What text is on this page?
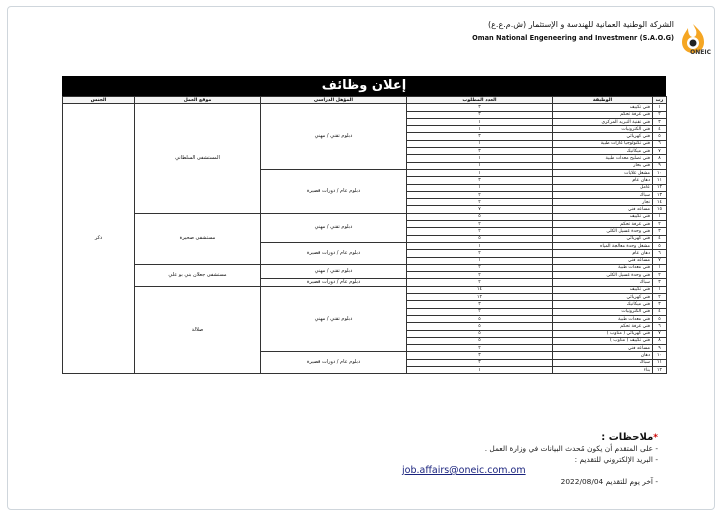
الشركة الوطنية العمانية للهندسة و الإستثمار (ش.م.ع.ع)
Oman National Engeneering and Investmenr (S.A.O.G)
ONEIC
إعلان وظائف
رت	الوظيفة	العدد المطلوب	المؤهل الدراسي	موقع العمل	الجنس
١	فني تكييف	٣	دبلوم تقني / مهني	المستشفى السلطاني	ذكر
٢	فني غرفة تحكم	٣			
٣	فني تقنية التبريد المركزي	١			
٤	فني الكترونيات	١			
٥	فني كهربائي	٣			
٦	فني تكنولوجيا غازات طبية	١			
٧	فني ميكانيك	٣			
٨	فني تصليح معدات طبية	١			
٩	فني بحار	١			
١٠	مشغل غلايات	١	دبلوم عام / دورات قصيرة		
١١	دهان عام	٣			
١٢	عامل	١			
١٣	سباك	٢			
١٤	نجار	٢			
١٥	مساعد فني	٧			
١	فني تكييف	٥	دبلوم تقني / مهني	مستشفى صحيرة	
٢	فني غرفة تحكم	٢			
٣	فني وحدة غسيل الكلى	٢			
٤	فني كهربائي	٥			
٥	مشغل وحدة معالجة المياه	١	دبلوم عام / دورات قصيرة		
٦	دهان عام	٢			
٧	مساعد فني	١			
١	فني معدات طبية	٢	دبلوم تقني / مهني	مستشفى جعلان بني بو علي	
٢	فني وحدة غسيل الكلى	٢			
٣	سباك	٢	دبلوم عام / دورات قصيرة		
١	فني تكييف	١٤	دبلوم تقني / مهني	صلالة	
٢	فني كهربائي	١٢			
٣	فني ميكانيك	٣			
٤	فني الكترونيات	٢			
٥	فني معدات طبية	٥			
٦	فني غرفة تحكم	٥			
٧	فني كهربائي ( مناوب )	٥			
٨	فني تكييف ( مناوب )	٥			
٩	مساعد فني	٢			
١٠	دهان	٣	دبلوم عام / دورات قصيرة		
١١	سباك	٣			
١٢	بناء	١			
*ملاحظات :
- على المتقدم أن يكون مُحدث البيانات في وزارة العمل .
- البريد الإلكتروني للتقديم :
job.affairs@oneic.com.om
- آخر يوم للتقديم 2022/08/04
